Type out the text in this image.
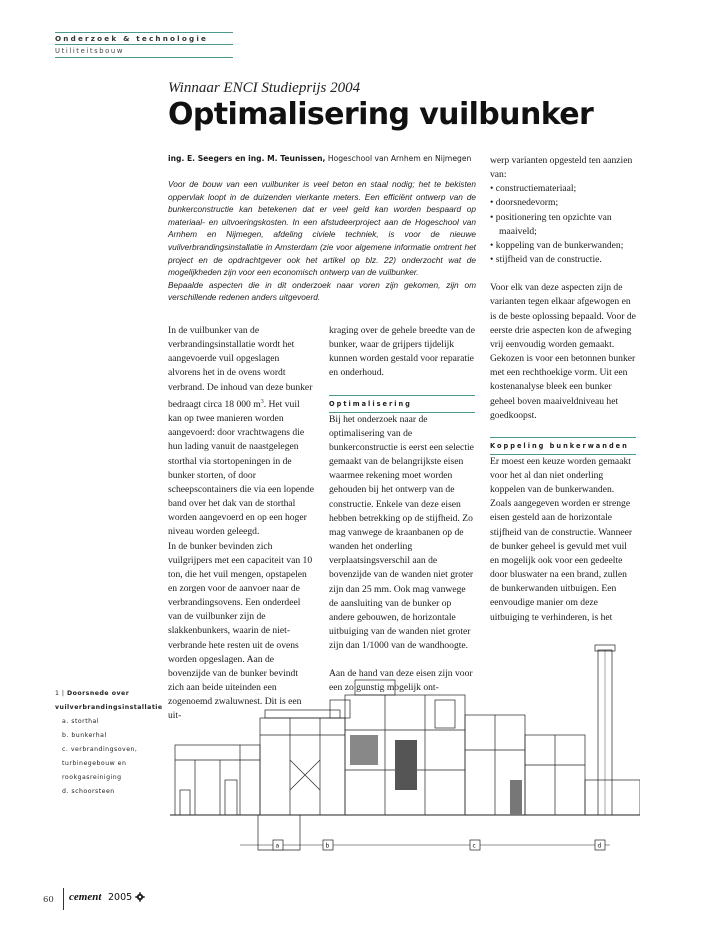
Onderzoek & technologie
Utiliteitsbouw
Winnaar ENCI Studieprijs 2004
Optimalisering vuilbunker
ing. E. Seegers en ing. M. Teunissen, Hogeschool van Arnhem en Nijmegen

Voor de bouw van een vuilbunker is veel beton en staal nodig; het te bekisten oppervlak loopt in de duizenden vierkante meters. Een efficiënt ontwerp van de bunkerconstructie kan betekenen dat er veel geld kan worden bespaard op materiaal- en uitvoeringskosten. In een afstudeerproject aan de Hogeschool van Arnhem en Nijmegen, afdeling civiele techniek, is voor de nieuwe vuilverbrandingsinstallatie in Amsterdam (zie voor algemene informatie omtrent het project en de opdrachtgever ook het artikel op blz. 22) onderzocht wat de mogelijkheden zijn voor een economisch ontwerp van de vuilbunker.

Bepaalde aspecten die in dit onderzoek naar voren zijn gekomen, zijn om verschillende redenen anders uitgevoerd.

In de vuilbunker van de verbrandingsinstallatie wordt het aangevoerde vuil opgeslagen alvorens het in de ovens wordt verbrand. De inhoud van deze bunker bedraagt circa 18 000 $m^3$. Het vuil kan op twee manieren worden aangevoerd: door vrachtwagens die hun lading vanuit de naastgelegen storthal via stortopeningen in de bunker storten, of door scheepscontainers die via een lopende band over het dak van de storthal worden aangevoerd en op een hoger niveau worden geleegd.

In de bunker bevinden zich vuilgrijpers met een capaciteit van 10 ton, die het vuil mengen, opstapelen en zorgen voor de aanvoer naar de verbrandingsovens. Een onderdeel van de vuilbunker zijn de slakkenbunkers, waarin de niet-verbrande hete resten uit de ovens worden opgeslagen. Aan de bovenzijde van de bunker bevindt zich aan beide uiteinden een zogenoemd zwaluwnest. Dit is een uit-

kraging over de gehele breedte van de bunker, waar de grijpers tijdelijk kunnen worden gestald voor reparatie en onderhoud.

Optimalisering

Bij het onderzoek naar de optimalisering van de bunkerconstructie is eerst een selectie gemaakt van de belangrijkste eisen waarmee rekening moet worden gehouden bij het ontwerp van de constructie. Enkele van deze eisen hebben betrekking op de stijfheid. Zo mag vanwege de kraanbanen op de wanden het onderling verplaatsingsverschil aan de bovenzijde van de wanden niet groter zijn dan 25 mm. Ook mag vanwege de aansluiting van de bunker op andere gebouwen, de horizontale uitbuiging van de wanden niet groter zijn dan 1/1000 van de wandhoogte.

Aan de hand van deze eisen zijn voor een zo gunstig mogelijk ont-

werp varianten opgesteld ten aanzien van:

• constructiemateriaal;
• doorsnedevorm;
• positionering ten opzichte van maaiveld;
• koppeling van de bunkerwanden;
• stijfheid van de constructie.

Voor elk van deze aspecten zijn de varianten tegen elkaar afgewogen en is de beste oplossing bepaald. Voor de eerste drie aspecten kon de afweging vrij eenvoudig worden gemaakt. Gekozen is voor een betonnen bunker met een rechthoekige vorm. Uit een kostenanalyse bleek een bunker geheel boven maaiveldniveau het goedkoopst.

Koppeling bunkerwanden

Er moest een keuze worden gemaakt voor het al dan niet onderling koppelen van de bunkerwanden. Zoals aangegeven worden er strenge eisen gesteld aan de horizontale stijfheid van de constructie. Wanneer de bunker geheel is gevuld met vuil en mogelijk ook voor een gedeelte door bluswater na een brand, zullen de bunkerwanden uitbuigen. Een eenvoudige manier om deze uitbuiging te verhinderen, is het

1 | Doorsnede over vuilverbrandingsinstallatie
a. storthal
b. bunkerhal
c. verbrandingsoven, turbinegebouw en rookgasreiniging
d. schoorsteen
a	b	c	d
60 cement 2005
